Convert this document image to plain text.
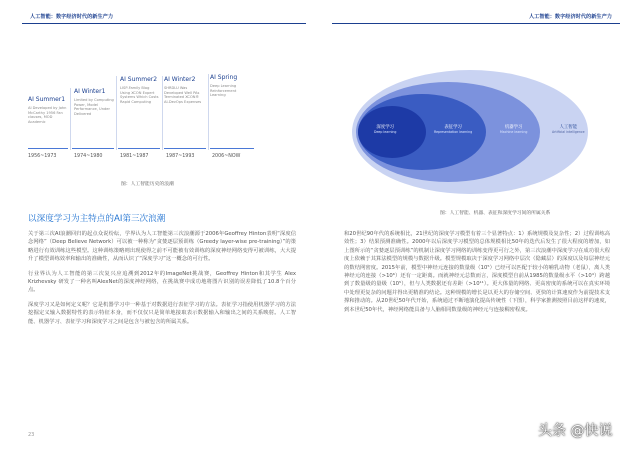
人工智能：数字经济时代的新生产力	人工智能：数字经济时代的新生产力
AI Summer1
AI Developed by John McCarthy 1956 Fan clauses, MOD Academic
1956~1973
AI Winter1
Limited by Computing Power, Model Performance, Under Delivered
1974~1980
AI Summer2
LISP-Family Blog Using XCON Expert Systems Which Costs Rapid Computing
1981~1987
AI Winter2
SHRDLU Was Developed Well PAs Terminated XCON® AI-DevOps Expenses
1987~1993
AI Spring
Deep Learning Reinforcement Learning
2006~NOW
图：人工智能历史的浪潮
以深度学习为主特点的AI第三次浪潮

关于第三次AI浪潮回归的起点众说纷纭，学界认为人工智能第三次浪潮源于2006年Geoffrey Hinton表明“深度信念网络”（Deep Believe Network）可以被一种称为“贪婪逐层预训练（Greedy layer-wise pre-training）”的策略进行有效训练这些模型。这种训练策略则出现使得之前不可能被有效训练的深度神经网络变得可被训练，大大提升了模型训练效率和输出的准确性，从而认识了“深度学习”这一概念的可行性。

行业界认为人工智能的第三次复兴应追溯到2012年的ImageNet挑战赛，Geoffrey Hinton和其学生 Alex Krizhevsky 研发了一种名叫AlexNet的深度神经网络，在挑战赛中成功地将图片识别的误差降低了10.8个百分点。

深度学习又是如何定义呢？它是机器学习中一种基于对数据进行表征学习的方法。表征学习指使用机器学习的方法挖掘定义输入数据特性的表示特征本身，而不仅仅只是简单地接取表示数据输入和输出之间的关系映射。人工智能、机器学习、表征学习和深度学习之间是包含与被包含的所属关系。

23
深度学习
Deep learning
表征学习
Representation learning
机器学习
Machine learning
人工智能
Artificial intelligence
图：人工智能、机器、表征和深度学习间的所属关系

和20世纪90年代的系统相比，21世纪的深度学习模型有着三个显著特点：1）系统规模及复杂性；2）过程训练高效性；3）结果预测准确性。2000年以后深度学习模型的总体规模相比50年的迭代后发生了很大程度的增加，如上图所示的“贪婪逐层预训练”的机制让深度学习网络的训练变得更可行之外，第三次浪潮中深度学习在成功很大程度上依赖于其算法模型的规模与数据升级。模型规模取决于深度学习网络中层次（隐藏层）的深度以及每层神经元的数结网密度。2015年前，模型中神经元连接的数量级（10⁵）已经可以匹配于较小的哺乳动物（老鼠），离人类神经元的连接（>10⁶）还有一定距离。而就神经元总数而言，深度模型自前从1985的数量级水平（>10⁴）跨越到了数量级的量级（10⁵），但与人类数据还有差距（>10¹¹）。更大体量的网络、更高密度的系统可以在真实环境中处理更复杂的问题并得出更精准的结论。这种规模的增长是以更大的存储空间、更快的计算速度作为前提技术支撑和推动的。从20世纪50年代开始，系统通过不断地演化提高传统性（下图），科学家推测按照目前这样的速度，到本世纪50年代，神经网络能具备与人脑相同数量级的神经元与连接稠密程度。

头条 @快说
